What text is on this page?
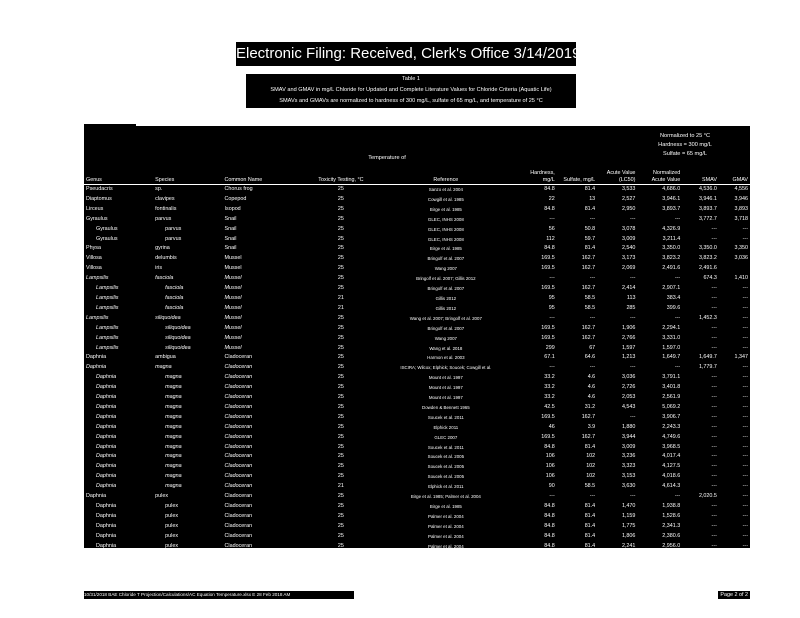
Electronic Filing: Received, Clerk's Office 3/14/2019
Table 1
SMAV and GMAV in mg/L Chloride for Updated and Complete Literature Values for Chloride Criteria (Aquatic Life)
SMAVs and GMAVs are normalized to hardness of 300 mg/L, sulfate of 65 mg/L, and temperature of 25 °C
Normalized to 25 °C
Hardness = 300 mg/L
Sulfate = 65 mg/L
Temperature of
Genus	Species	Common Name	Toxicity Testing, °C	Reference	Hardness, mg/L	Sulfate, mg/L	Acute Value (LC50)	Normalized Acute Value	SMAV	GMAV
Pseudacris	sp.	Chorus frog	25	Sanzo et al. 2004	84.8	81.4	3,533	4,686.0	4,536.0	4,556
Diaptomus	clavipes	Copepod	25	Cowgill et al. 1985	22	13	2,527	3,946.1	3,946.1	3,946
Lirceus	fontinalis	Isopod	25	Birge et al. 1985	84.8	81.4	2,950	3,893.7	3,893.7	3,893
Gyraulus	parvus	Snail	25	GLEC, INHS 2008	---	---	---	---	3,772.7	3,718
Gyraulus	parvus	Snail	25	GLEC, INHS 2008	56	50.8	3,078	4,326.9	---	---
Gyraulus	parvus	Snail	25	GLEC, INHS 2008	112	59.7	3,009	3,211.4	---	---
Physa	gyrina	Snail	25	Birge et al. 1985	84.8	81.4	2,540	3,350.0	3,350.0	3,350
Villosa	delumbis	Mussel	25	Bringolf et al. 2007	169.5	162.7	3,173	3,823.2	3,823.2	3,036
Villosa	iris	Mussel	25	Wang 2007	169.5	162.7	2,069	2,491.6	2,491.6	
Lampsilis	fasciola	Mussel	25	Bringolf et al. 2007; Gillis 2012	---	---	---	---	674.3	1,410
Lampsilis	fasciola	Mussel	25	Bringolf et al. 2007	169.5	162.7	2,414	2,907.1	---	---
Lampsilis	fasciola	Mussel	21	Gillis 2012	95	58.5	113	383.4	---	---
Lampsilis	fasciola	Mussel	21	Gillis 2012	95	58.5	285	399.6	---	---
Lampsilis	siliquoidea	Mussel	25	Wang et al. 2007; Bringolf et al. 2007	---	---	---	---	1,452.3	---
Lampsilis	siliquoidea	Mussel	25	Bringolf et al. 2007	169.5	162.7	1,906	2,294.1	---	---
Lampsilis	siliquoidea	Mussel	25	Wang 2007	169.5	162.7	2,766	3,331.0	---	---
Lampsilis	siliquoidea	Mussel	25	Wang et al. 2018	299	67	1,597	1,597.0	---	---
Daphnia	ambigua	Cladoceran	25	Harmon et al. 2003	67.1	64.6	1,213	1,649.7	1,649.7	1,347
Daphnia	magna	Cladoceran	25	ISCIRA; Wilcox; Elphick; Soucek; Cowgill et al.	---	---	---	---	1,779.7	---
Daphnia	magna	Cladoceran	25	Mount et al. 1997	33.2	4.6	3,036	3,791.1	---	---
Daphnia	magna	Cladoceran	25	Mount et al. 1997	33.2	4.6	2,726	3,401.8	---	---
Daphnia	magna	Cladoceran	25	Mount et al. 1997	33.2	4.6	2,053	2,561.9	---	---
Daphnia	magna	Cladoceran	25	Dowden & Bennett 1965	42.5	31.2	4,543	5,069.2	---	---
Daphnia	magna	Cladoceran	25	Soucek et al. 2011	169.5	162.7	---	3,906.7	---	---
Daphnia	magna	Cladoceran	25	Elphick 2011	46	3.9	1,880	2,243.3	---	---
Daphnia	magna	Cladoceran	25	GLEC 2007	169.5	162.7	3,944	4,749.6	---	---
Daphnia	magna	Cladoceran	25	Soucek et al. 2011	84.8	81.4	3,009	3,968.5	---	---
Daphnia	magna	Cladoceran	25	Soucek et al. 2005	106	102	3,236	4,017.4	---	---
Daphnia	magna	Cladoceran	25	Soucek et al. 2005	106	102	3,323	4,127.5	---	---
Daphnia	magna	Cladoceran	25	Soucek et al. 2005	106	102	3,153	4,018.6	---	---
Daphnia	magna	Cladoceran	21	Elphick et al. 2011	90	58.5	3,630	4,614.3	---	---
Daphnia	pulex	Cladoceran	25	Birge et al. 1985; Palmer et al. 2004	---	---	---	---	2,020.5	---
Daphnia	pulex	Cladoceran	25	Birge et al. 1985	84.8	81.4	1,470	1,938.8	---	---
Daphnia	pulex	Cladoceran	25	Palmer et al. 2004	84.8	81.4	1,159	1,528.6	---	---
Daphnia	pulex	Cladoceran	25	Palmer et al. 2004	84.8	81.4	1,775	2,341.3	---	---
Daphnia	pulex	Cladoceran	25	Palmer et al. 2004	84.8	81.4	1,806	2,380.6	---	---
Daphnia	pulex	Cladoceran	25	Palmer et al. 2004	84.8	81.4	2,241	2,956.0	---	---
10/31/2018 BAE Chloride T Projection/Calculations/AC Equation Temperature.xlsx E 28 Feb 2018 AM	Page 2 of 2
